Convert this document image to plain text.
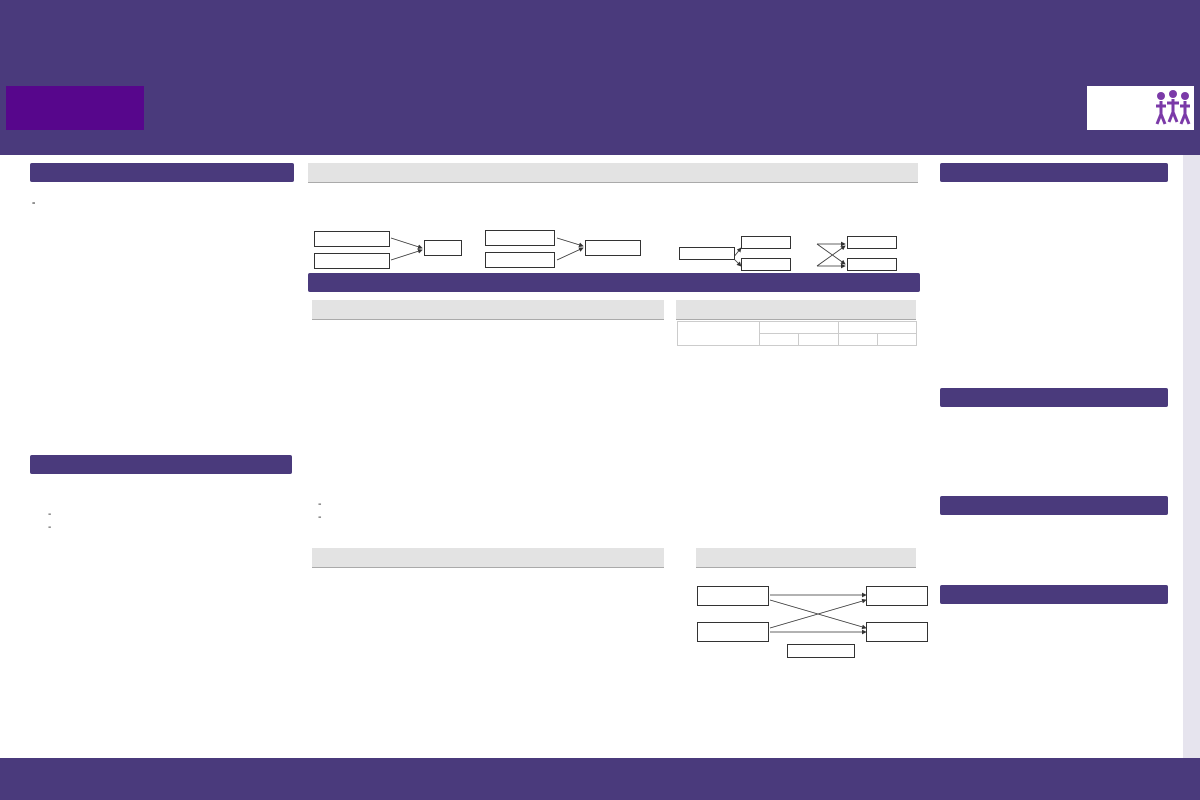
-
-
-
-
